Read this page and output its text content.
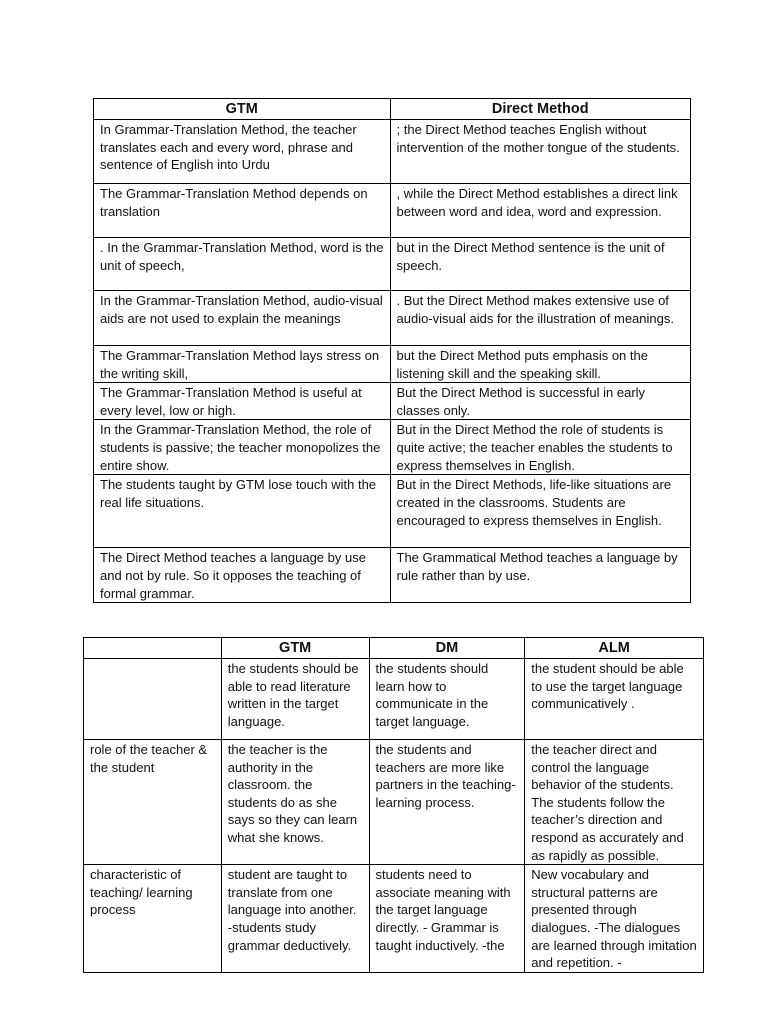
GTM	Direct Method
In Grammar-Translation Method, the teacher translates each and every word, phrase and sentence of English into Urdu	; the Direct Method teaches English without intervention of the mother tongue of the students.
The Grammar-Translation Method depends on translation	, while the Direct Method establishes a direct link between word and idea, word and expression.
. In the Grammar-Translation Method, word is the unit of speech,	but in the Direct Method sentence is the unit of speech.
In the Grammar-Translation Method, audio-visual aids are not used to explain the meanings	. But the Direct Method makes extensive use of audio-visual aids for the illustration of meanings.
The Grammar-Translation Method lays stress on the writing skill,	but the Direct Method puts emphasis on the listening skill and the speaking skill.
The Grammar-Translation Method is useful at every level, low or high.	But the Direct Method is successful in early classes only.
In the Grammar-Translation Method, the role of students is passive; the teacher monopolizes the entire show.	But in the Direct Method the role of students is quite active; the teacher enables the students to express themselves in English.
The students taught by GTM lose touch with the real life situations.	But in the Direct Methods, life-like situations are created in the classrooms. Students are encouraged to express themselves in English.
The Direct Method teaches a language by use and not by rule. So it opposes the teaching of formal grammar.	The Grammatical Method teaches a language by rule rather than by use.
	GTM	DM	ALM
	the students should be able to read literature written in the target language.	the students should learn how to communicate in the target language.	the student should be able to use the target language communicatively .
role of the teacher & the student	the teacher is the authority in the classroom. the students do as she says so they can learn what she knows.	the students and teachers are more like partners in the teaching-learning process.	the teacher direct and control the language behavior of the students. The students follow the teacher’s direction and respond as accurately and as rapidly as possible.
characteristic of teaching/ learning process	student are taught to translate from one language into another. -students study grammar deductively.	students need to associate meaning with the target language directly. - Grammar is taught inductively. -the	New vocabulary and structural patterns are presented through dialogues. -The dialogues are learned through imitation and repetition. -
